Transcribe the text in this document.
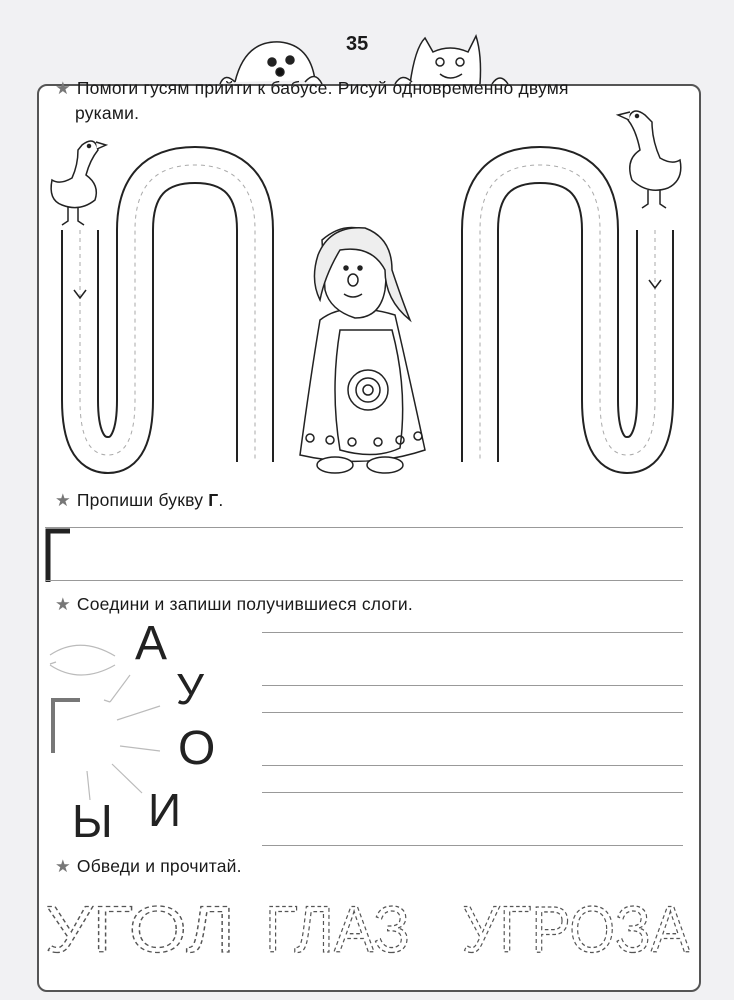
35
УГОЛ ГЛАЗ УГРОЗА
А
У
О
И
Ы
★ Помоги гусям прийти к бабусе. Рисуй одновременно двумя
руками.
★ Пропиши букву Г.
★ Соедини и запиши получившиеся слоги.
★ Обведи и прочитай.
